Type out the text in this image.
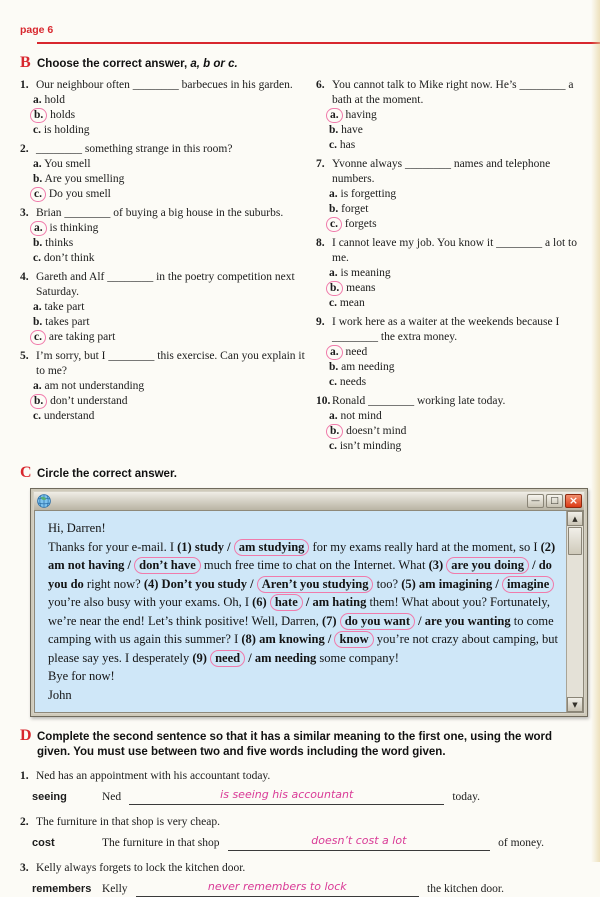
page 6
B Choose the correct answer, a, b or c.
1. Our neighbour often ________ barbecues in his garden.
a. hold
b. holds
c. is holding
2. ________ something strange in this room?
a. You smell
b. Are you smelling
c. Do you smell
3. Brian ________ of buying a big house in the suburbs.
a. is thinking
b. thinks
c. don’t think
4. Gareth and Alf ________ in the poetry competition next Saturday.
a. take part
b. takes part
c. are taking part
5. I’m sorry, but I ________ this exercise. Can you explain it to me?
a. am not understanding
b. don’t understand
c. understand
6. You cannot talk to Mike right now. He’s ________ a bath at the moment.
a. having
b. have
c. has
7. Yvonne always ________ names and telephone numbers.
a. is forgetting
b. forget
c. forgets
8. I cannot leave my job. You know it ________ a lot to me.
a. is meaning
b. means
c. mean
9. I work here as a waiter at the weekends because I ________ the extra money.
a. need
b. am needing
c. needs
10. Ronald ________ working late today.
a. not mind
b. doesn’t mind
c. isn’t minding
C Circle the correct answer.
—	□ ×
Hi, Darren!
Thanks for your e-mail. I (1) study / am studying for my exams really hard at the moment, so I (2) am not having / don’t have much free time to chat on the Internet. What (3) are you doing / do you do right now? (4) Don’t you study / Aren’t you studying too? (5) am imagining / imagine you’re also busy with your exams. Oh, I (6) hate / am hating them! What about you? Fortunately, we’re near the end! Let’s think positive! Well, Darren, (7) do you want / are you wanting to come camping with us again this summer? I (8) am knowing / know you’re not crazy about camping, but please say yes. I desperately (9) need / am needing some company!
Bye for now!
John
▲
▼
D Complete the second sentence so that it has a similar meaning to the first one, using the word given. You must use between two and five words including the word given.
1. Ned has an appointment with his accountant today.
seeing	Ned	is seeing his accountant	today.
2. The furniture in that shop is very cheap.
cost	The furniture in that shop	doesn’t cost a lot	of money.
3. Kelly always forgets to lock the kitchen door.
remembers Kelly	never remembers to lock	the kitchen door.
